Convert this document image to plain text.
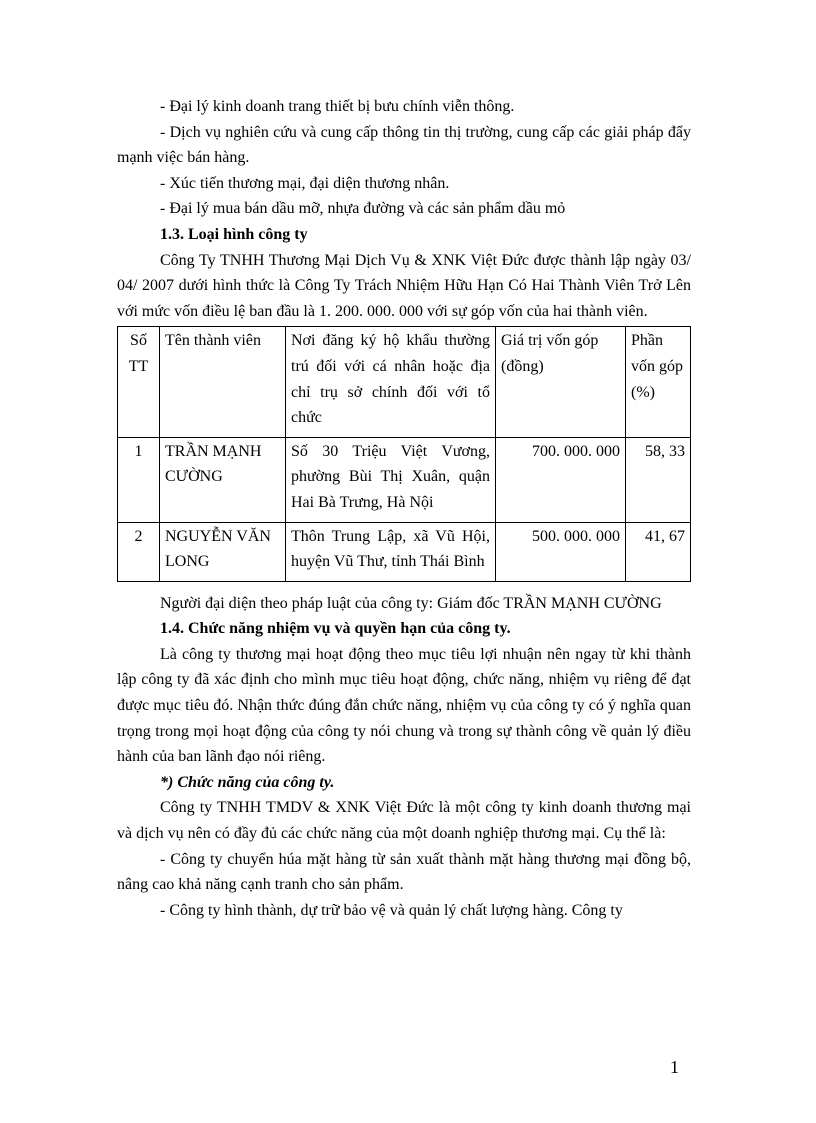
- Đại lý kinh doanh trang thiết bị bưu chính viễn thông.

- Dịch vụ nghiên cứu và cung cấp thông tin thị trường, cung cấp các giải pháp đẩy mạnh việc bán hàng.

- Xúc tiến thương mại, đại diện thương nhân.

- Đại lý mua bán dầu mỡ, nhựa đường và các sản phẩm dầu mỏ

1.3. Loại hình công ty

Công Ty TNHH Thương Mại Dịch Vụ & XNK Việt Đức được thành lập ngày 03/ 04/ 2007 dưới hình thức là Công Ty Trách Nhiệm Hữu Hạn Có Hai Thành Viên Trở Lên với mức vốn điều lệ ban đầu là 1. 200. 000. 000 với sự góp vốn của hai thành viên.

Số TT	Tên thành viên	Nơi đăng ký hộ khẩu thường trú đối với cá nhân hoặc địa chỉ trụ sở chính đối với tổ chức	Giá trị vốn góp (đồng)	Phần vốn góp (%)
1	TRẦN MẠNH CƯỜNG	Số 30 Triệu Việt Vương, phường Bùi Thị Xuân, quận Hai Bà Trưng, Hà Nội	700. 000. 000	58, 33
2	NGUYỄN VĂN LONG	Thôn Trung Lập, xã Vũ Hội, huyện Vũ Thư, tỉnh Thái Bình	500. 000. 000	41, 67

Người đại diện theo pháp luật của công ty: Giám đốc TRẦN MẠNH CƯỜNG

1.4. Chức năng nhiệm vụ và quyền hạn của công ty.

Là công ty thương mại hoạt động theo mục tiêu lợi nhuận nên ngay từ khi thành lập công ty đã xác định cho mình mục tiêu hoạt động, chức năng, nhiệm vụ riêng để đạt được mục tiêu đó. Nhận thức đúng đắn chức năng, nhiệm vụ của công ty có ý nghĩa quan trọng trong mọi hoạt động của công ty nói chung và trong sự thành công về quản lý điều hành của ban lãnh đạo nói riêng.

*) Chức năng của công ty.

Công ty TNHH TMDV & XNK Việt Đức là một công ty kinh doanh thương mại và dịch vụ nên có đầy đủ các chức năng của một doanh nghiệp thương mại. Cụ thể là:

- Công ty chuyển húa mặt hàng từ sản xuất thành mặt hàng thương mại đồng bộ, nâng cao khả năng cạnh tranh cho sản phẩm.

- Công ty hình thành, dự trữ bảo vệ và quản lý chất lượng hàng. Công ty

1
